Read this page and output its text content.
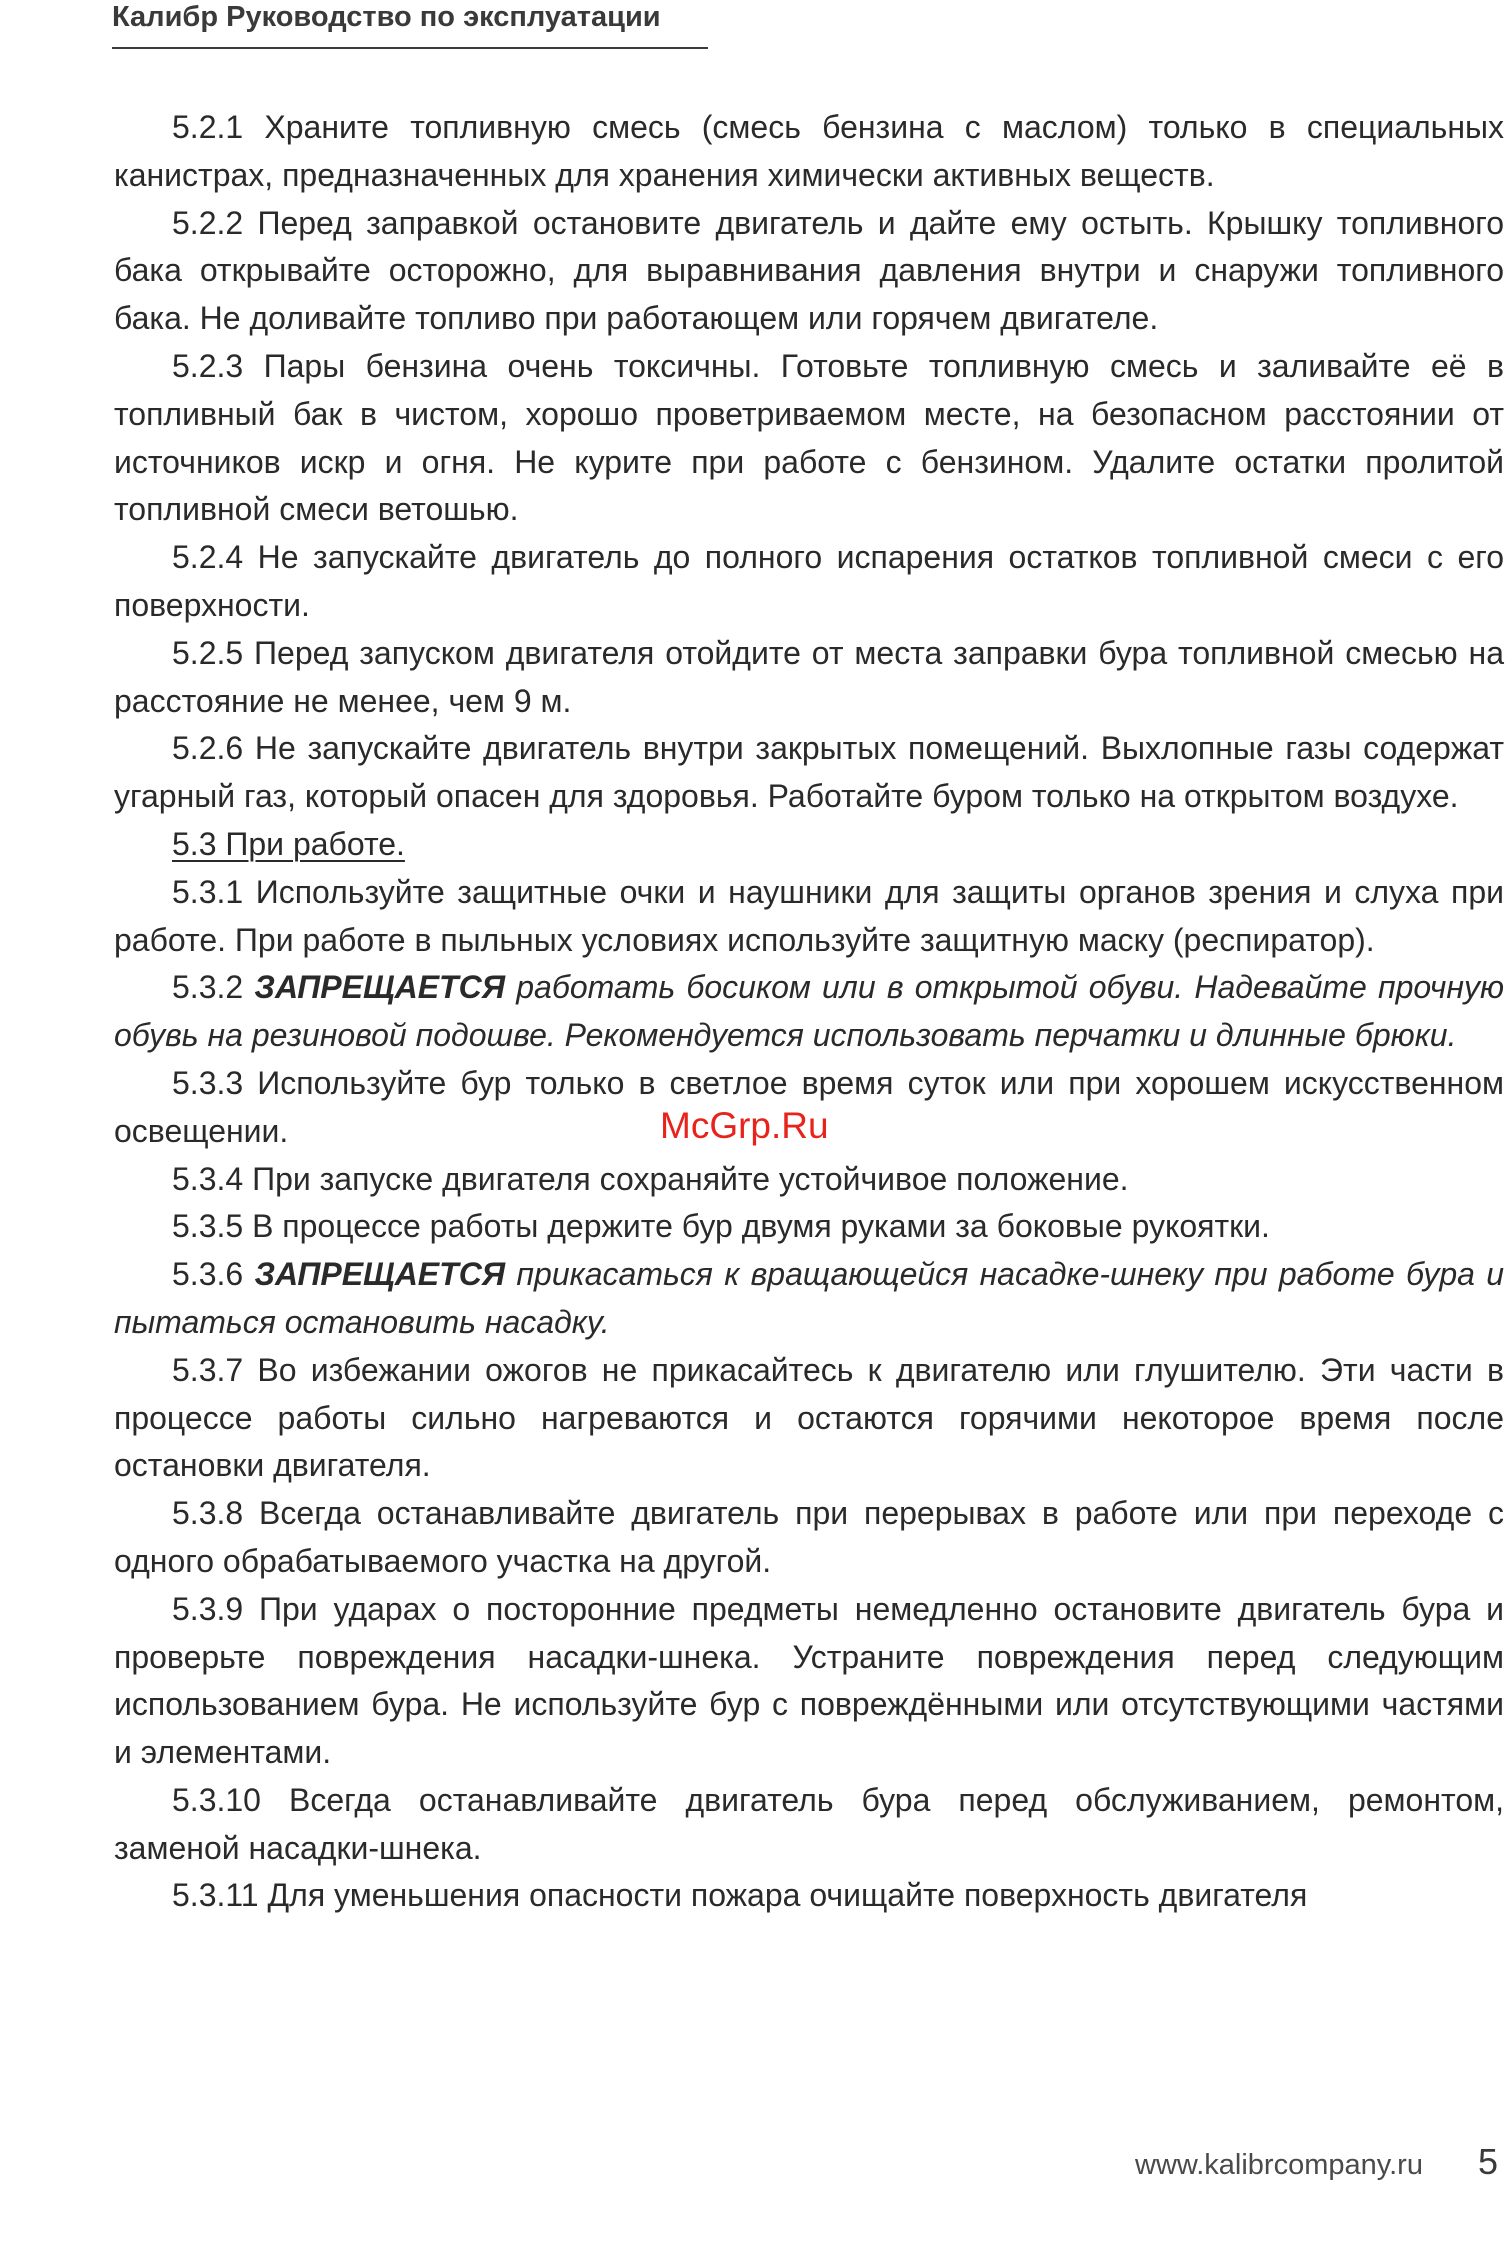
Калибр Руководство по эксплуатации

5.2.1 Храните топливную смесь (смесь бензина с маслом) только в специальных канистрах, предназначенных для хранения химически активных веществ.

5.2.2 Перед заправкой остановите двигатель и дайте ему остыть. Крышку топливного бака открывайте осторожно, для выравнивания давления внутри и снаружи топливного бака. Не доливайте топливо при работающем или горячем двигателе.

5.2.3 Пары бензина очень токсичны. Готовьте топливную смесь и заливайте её в топливный бак в чистом, хорошо проветриваемом месте, на безопасном расстоянии от источников искр и огня. Не курите при работе с бензином. Удалите остатки пролитой топливной смеси ветошью.

5.2.4 Не запускайте двигатель до полного испарения остатков топливной смеси с его поверхности.

5.2.5 Перед запуском двигателя отойдите от места заправки бура топливной смесью на расстояние не менее, чем 9 м.

5.2.6 Не запускайте двигатель внутри закрытых помещений. Выхлопные газы содержат угарный газ, который опасен для здоровья. Работайте буром только на открытом воздухе.

5.3 При работе.

5.3.1 Используйте защитные очки и наушники для защиты органов зрения и слуха при работе. При работе в пыльных условиях используйте защитную маску (респиратор).

5.3.2 ЗАПРЕЩАЕТСЯ работать босиком или в открытой обуви. Надевайте прочную обувь на резиновой подошве. Рекомендуется использовать перчатки и длинные брюки.

5.3.3 Используйте бур только в светлое время суток или при хорошем искусственном освещении.

5.3.4 При запуске двигателя сохраняйте устойчивое положение.

5.3.5 В процессе работы держите бур двумя руками за боковые рукоятки.

5.3.6 ЗАПРЕЩАЕТСЯ прикасаться к вращающейся насадке-шнеку при работе бура и пытаться остановить насадку.

5.3.7 Во избежании ожогов не прикасайтесь к двигателю или глушителю. Эти части в процессе работы сильно нагреваются и остаются горячими некоторое время после остановки двигателя.

5.3.8 Всегда останавливайте двигатель при перерывах в работе или при переходе с одного обрабатываемого участка на другой.

5.3.9 При ударах о посторонние предметы немедленно остановите двигатель бура и проверьте повреждения насадки-шнека. Устраните повреждения перед следующим использованием бура. Не используйте бур с повреждёнными или отсутствующими частями и элементами.

5.3.10 Всегда останавливайте двигатель бура перед обслуживанием, ремонтом, заменой насадки-шнека.

5.3.11 Для уменьшения опасности пожара очищайте поверхность двигателя

McGrp.Ru
www.kalibrcompany.ru 5
